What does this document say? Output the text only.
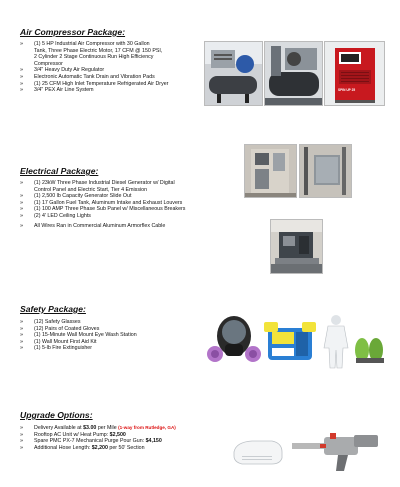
Air Compressor Package:
» (1) 5 HP Industrial Air Compressor with 30 Gallon
Tank, Three Phase Electric Motor, 17 CFM @ 150 PSI,
2 Cylinder 2 Stage Continuous Run High Efficiency
Compressor
» 3/4" Heavy Duty Air Regulator
» Electronic Automatic Tank Drain and Vibration Pads
» (1) 25 CFM High Inlet Temperature Refrigerated Air Dryer
» 3/4" PEX Air Line System	SPIN UP 25
Electrical Package:
» (1) 23kW Three Phase Industrial Diesel Generator w/ Digital
Control Panel and Electric Start, Tier 4 Emission
» (1) 2,500 lb Capacity Generator Slide Out
» (1) 17 Gallon Fuel Tank, Aluminum Intake and Exhaust Louvers
» (1) 100 AMP Three Phase Sub Panel w/ Miscellaneous Breakers
» (2) 4' LED Ceiling Lights
» All Wires Ran in Commercial Aluminum Armorflex Cable
Safety Package:
» (12) Safety Glasses
» (12) Pairs of Coated Gloves
» (1) 15-Minute Wall Mount Eye Wash Station
» (1) Wall Mount First Aid Kit
» (1) 5-lb Fire Extinguisher
Upgrade Options:
» Delivery Available at $3.00 per Mile (1-way from Rutledge, GA)
» Rooftop AC Unit w/ Heat Pump: $2,500
» Spare PMC PX-7 Mechanical Purge Pour Gun: $4,150
» Additional Hose Length: $2,200 per 50' Section
